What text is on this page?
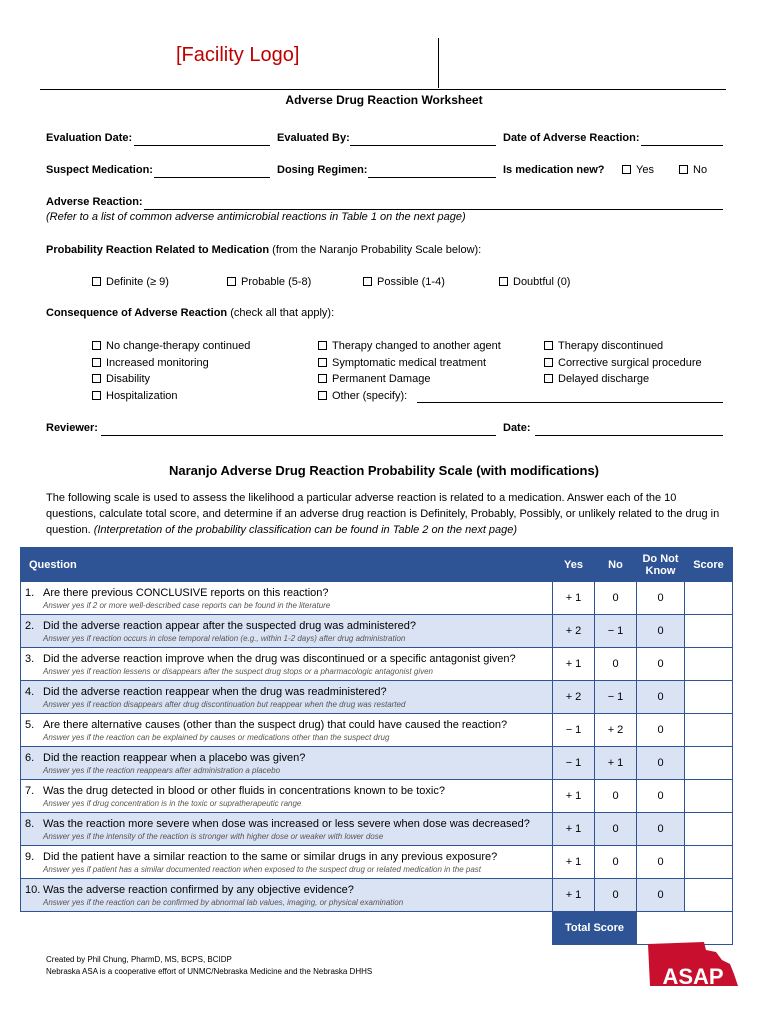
[Facility Logo]
Adverse Drug Reaction Worksheet
Evaluation Date:	Evaluated By:	Date of Adverse Reaction:
Suspect Medication:	Dosing Regimen:	Is medication new?	Yes	No
Adverse Reaction:
(Refer to a list of common adverse antimicrobial reactions in Table 1 on the next page)
Probability Reaction Related to Medication (from the Naranjo Probability Scale below):
Definite (≥ 9)	Probable (5-8)	Possible (1-4)	Doubtful (0)
Consequence of Adverse Reaction (check all that apply):
No change-therapy continued
Increased monitoring
Disability
Hospitalization
Therapy changed to another agent
Symptomatic medical treatment
Permanent Damage
Other (specify):
Therapy discontinued
Corrective surgical procedure
Delayed discharge
Reviewer:	Date:
Naranjo Adverse Drug Reaction Probability Scale (with modifications)
The following scale is used to assess the likelihood a particular adverse reaction is related to a medication. Answer each of the 10 questions, calculate total score, and determine if an adverse drug reaction is Definitely, Probably, Possibly, or unlikely related to the drug in question. (Interpretation of the probability classification can be found in Table 2 on the next page)
Question	Yes	No	Do Not Know	Score

1. Are there previous CONCLUSIVE reports on this reaction?
Answer yes if 2 or more well-described case reports can be found in the literature	+ 1	0	0	

2. Did the adverse reaction appear after the suspected drug was administered?
Answer yes if reaction occurs in close temporal relation (e.g., within 1-2 days) after drug administration	+ 2	− 1	0	

3. Did the adverse reaction improve when the drug was discontinued or a specific antagonist given?
Answer yes if reaction lessens or disappears after the suspect drug stops or a pharmacologic antagonist given	+ 1	0	0	

4. Did the adverse reaction reappear when the drug was readministered?
Answer yes if reaction disappears after drug discontinuation but reappear when the drug was restarted	+ 2	− 1	0	

5. Are there alternative causes (other than the suspect drug) that could have caused the reaction?
Answer yes if the reaction can be explained by causes or medications other than the suspect drug	− 1	+ 2	0	

6. Did the reaction reappear when a placebo was given?
Answer yes if the reaction reappears after administration a placebo	− 1	+ 1	0	

7. Was the drug detected in blood or other fluids in concentrations known to be toxic?
Answer yes if drug concentration is in the toxic or supratherapeutic range	+ 1	0	0	

8. Was the reaction more severe when dose was increased or less severe when dose was decreased?
Answer yes if the intensity of the reaction is stronger with higher dose or weaker with lower dose	+ 1	0	0	

9. Did the patient have a similar reaction to the same or similar drugs in any previous exposure?
Answer yes if patient has a similar documented reaction when exposed to the suspect drug or related medication in the past	+ 1	0	0	

10. Was the adverse reaction confirmed by any objective evidence?
Answer yes if the reaction can be confirmed by abnormal lab values, imaging, or physical examination	+ 1	0	0	
	Total Score			
Created by Phil Chung, PharmD, MS, BCPS, BCIDP
Nebraska ASA is a cooperative effort of UNMC/Nebraska Medicine and the Nebraska DHHS	ASAP
